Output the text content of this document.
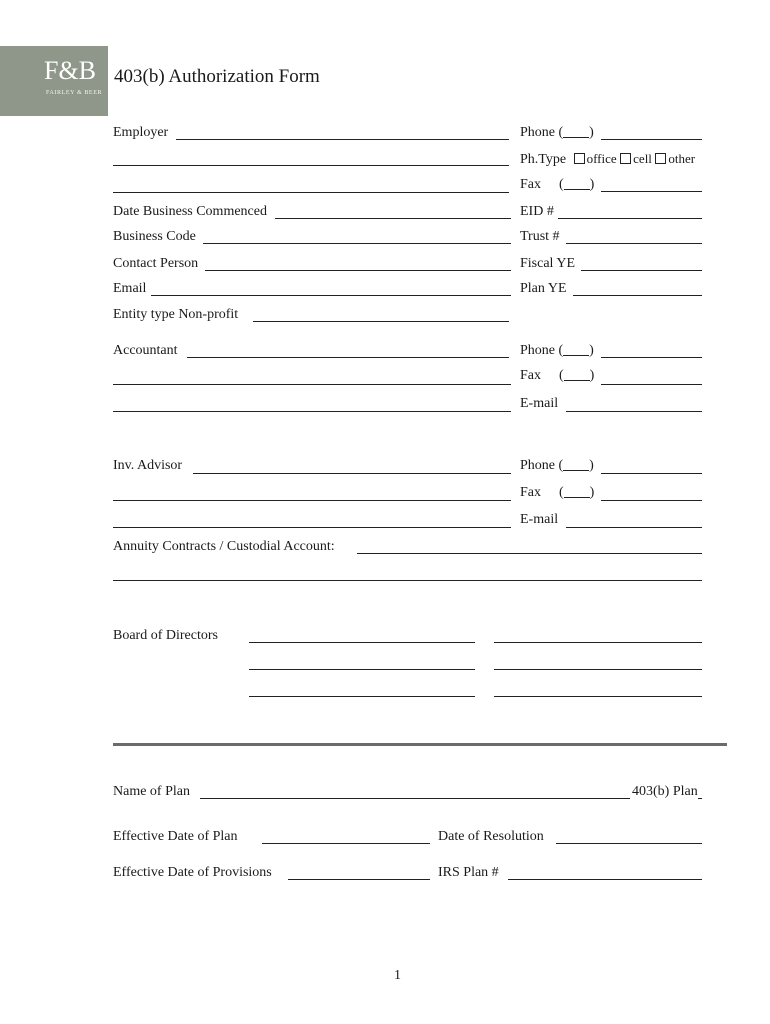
F&B
FAIRLEY & BEER
403(b) Authorization Form
Employer	Phone ( )
Ph.Type office cell other
Fax ( )
Date Business Commenced	EID #
Business Code	Trust #
Contact Person	Fiscal YE
Email	Plan YE
Entity type Non-profit
Accountant	Phone ( )
Fax ( )
E-mail
Inv. Advisor	Phone ( )
Fax ( )
E-mail
Annuity Contracts / Custodial Account:
Board of Directors
Name of Plan	403(b) Plan
Effective Date of Plan	Date of Resolution
Effective Date of Provisions	IRS Plan #
1
